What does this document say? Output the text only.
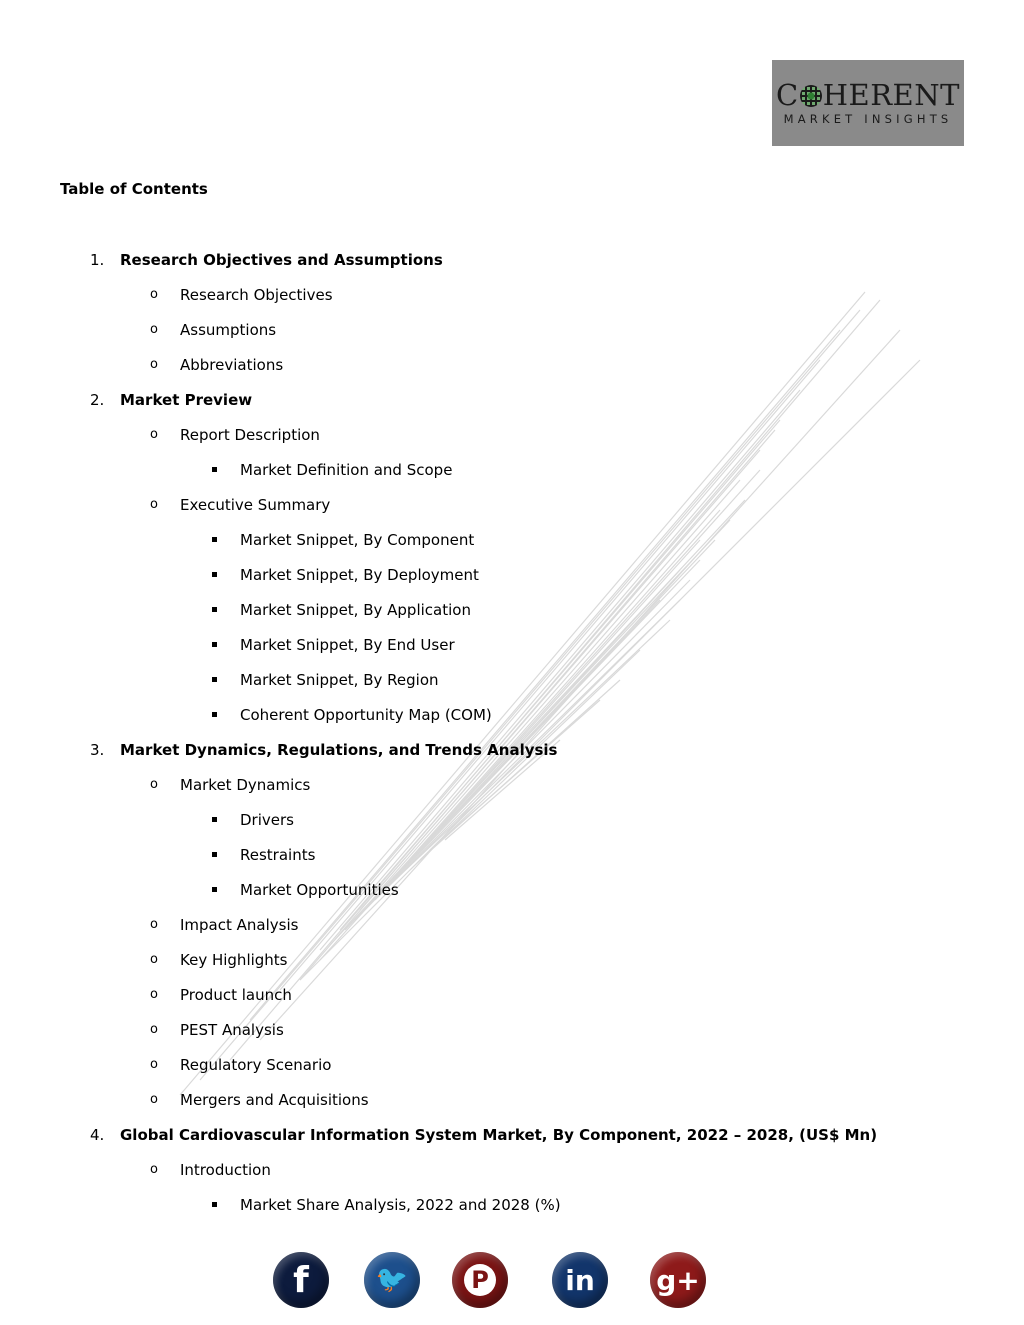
C HERENT
MARKET INSIGHTS
Table of Contents
1. Research Objectives and Assumptions
o Research Objectives
o Assumptions
o Abbreviations
2. Market Preview
o Report Description
Market Definition and Scope
o Executive Summary
Market Snippet, By Component
Market Snippet, By Deployment
Market Snippet, By Application
Market Snippet, By End User
Market Snippet, By Region
Coherent Opportunity Map (COM)
3. Market Dynamics, Regulations, and Trends Analysis
o Market Dynamics
Drivers
Restraints
Market Opportunities
o Impact Analysis
o Key Highlights
o Product launch
o PEST Analysis
o Regulatory Scenario
o Mergers and Acquisitions
4. Global Cardiovascular Information System Market, By Component, 2022 – 2028, (US$ Mn)
o Introduction
Market Share Analysis, 2022 and 2028 (%)
f	🐦	P	in	g+
